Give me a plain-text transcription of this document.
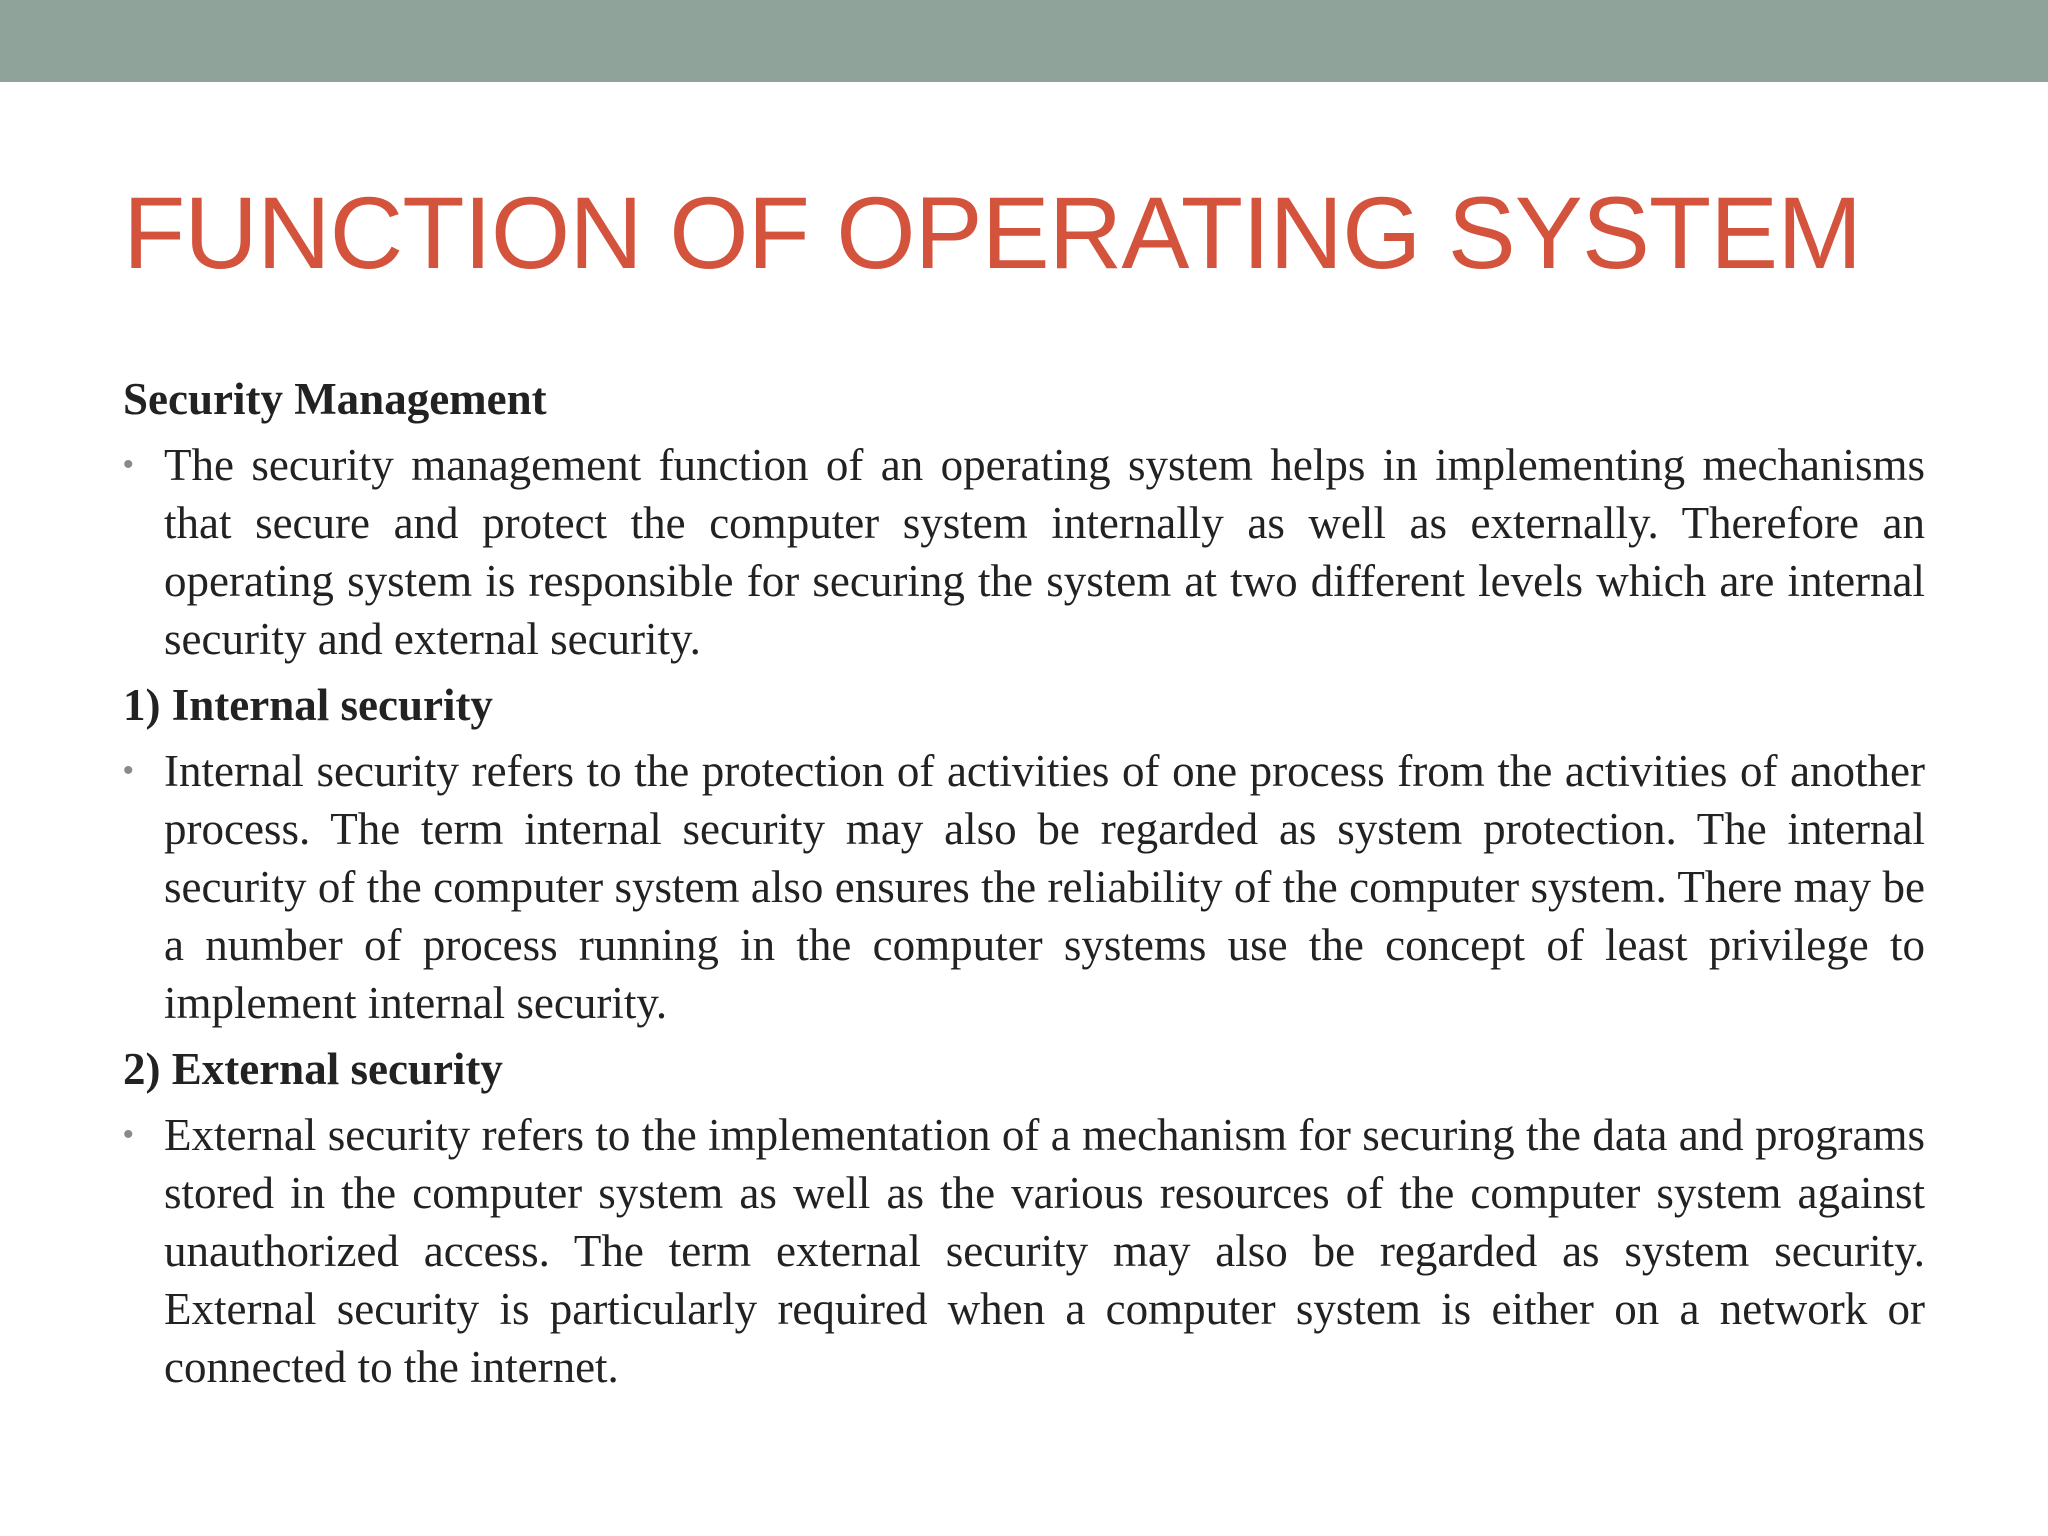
FUNCTION OF OPERATING SYSTEM

Security Management

• The security management function of an operating system helps in implementing mechanisms that secure and protect the computer system internally as well as externally. Therefore an operating system is responsible for securing the system at two different levels which are internal security and external security.

1) Internal security

• Internal security refers to the protection of activities of one process from the activities of another process. The term internal security may also be regarded as system protection. The internal security of the computer system also ensures the reliability of the computer system. There may be a number of process running in the computer systems use the concept of least privilege to implement internal security.

2) External security

• External security refers to the implementation of a mechanism for securing the data and programs stored in the computer system as well as the various resources of the computer system against unauthorized access. The term external security may also be regarded as system security. External security is particularly required when a computer system is either on a network or connected to the internet.
